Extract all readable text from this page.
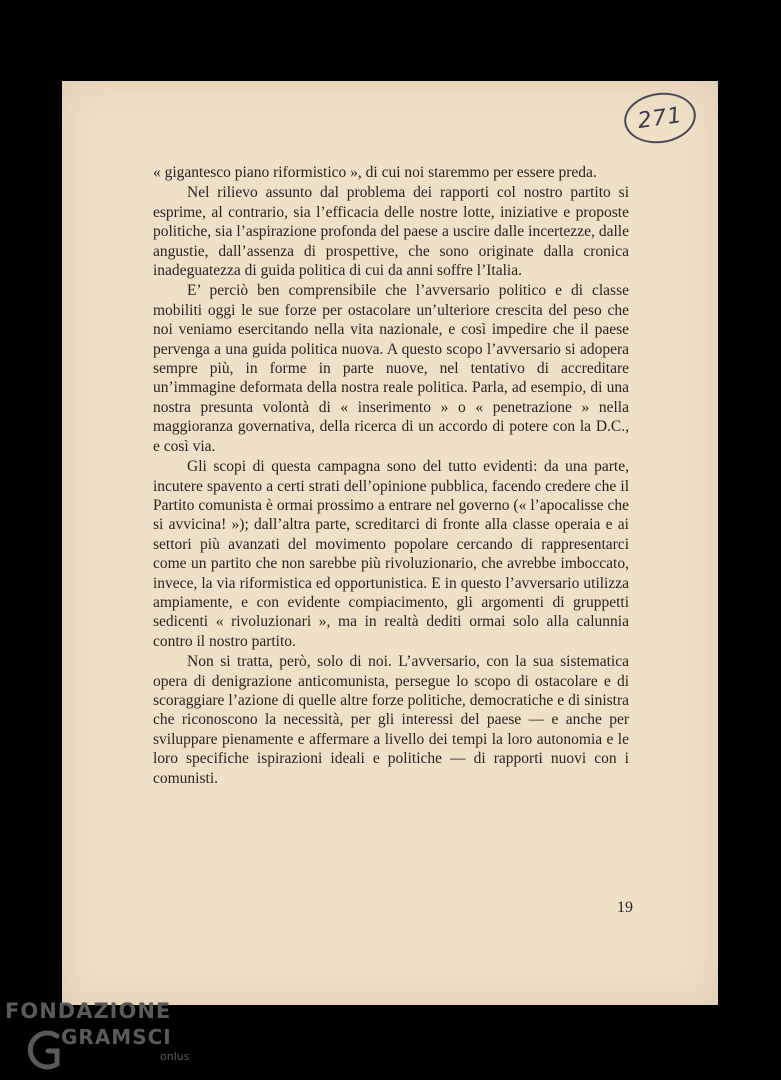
271

« gigantesco piano riformistico », di cui noi staremmo per essere preda.

Nel rilievo assunto dal problema dei rapporti col nostro partito si esprime, al contrario, sia l’efficacia delle nostre lotte, iniziative e proposte politiche, sia l’aspirazione profonda del paese a uscire dalle incertezze, dalle angustie, dall’assenza di prospettive, che sono originate dalla cronica inadeguatezza di guida politica di cui da anni soffre l’Italia.

E’ perciò ben comprensibile che l’avversario politico e di classe mobiliti oggi le sue forze per ostacolare un’ulteriore crescita del peso che noi veniamo esercitando nella vita nazionale, e così impedire che il paese pervenga a una guida politica nuova. A questo scopo l’avversario si adopera sempre più, in forme in parte nuove, nel tentativo di accreditare un’immagine deformata della nostra reale politica. Parla, ad esempio, di una nostra presunta volontà di « inserimento » o « penetrazione » nella maggioranza governativa, della ricerca di un accordo di potere con la D.C., e così via.

Gli scopi di questa campagna sono del tutto evidenti: da una parte, incutere spavento a certi strati dell’opinione pubblica, facendo credere che il Partito comunista è ormai prossimo a entrare nel governo (« l’apocalisse che si avvicina! »); dall’altra parte, screditarci di fronte alla classe operaia e ai settori più avanzati del movimento popolare cercando di rappresentarci come un partito che non sarebbe più rivoluzionario, che avrebbe imboccato, invece, la via riformistica ed opportunistica. E in questo l’avversario utilizza ampiamente, e con evidente compiacimento, gli argomenti di gruppetti sedicenti « rivoluzionari », ma in realtà dediti ormai solo alla calunnia contro il nostro partito.

Non si tratta, però, solo di noi. L’avversario, con la sua sistematica opera di denigrazione anticomunista, persegue lo scopo di ostacolare e di scoraggiare l’azione di quelle altre forze politiche, democratiche e di sinistra che riconoscono la necessità, per gli interessi del paese — e anche per sviluppare pienamente e affermare a livello dei tempi la loro autonomia e le loro specifiche ispirazioni ideali e politiche — di rapporti nuovi con i comunisti.

19
FONDAZIONE
GRAMSCI
onlus
